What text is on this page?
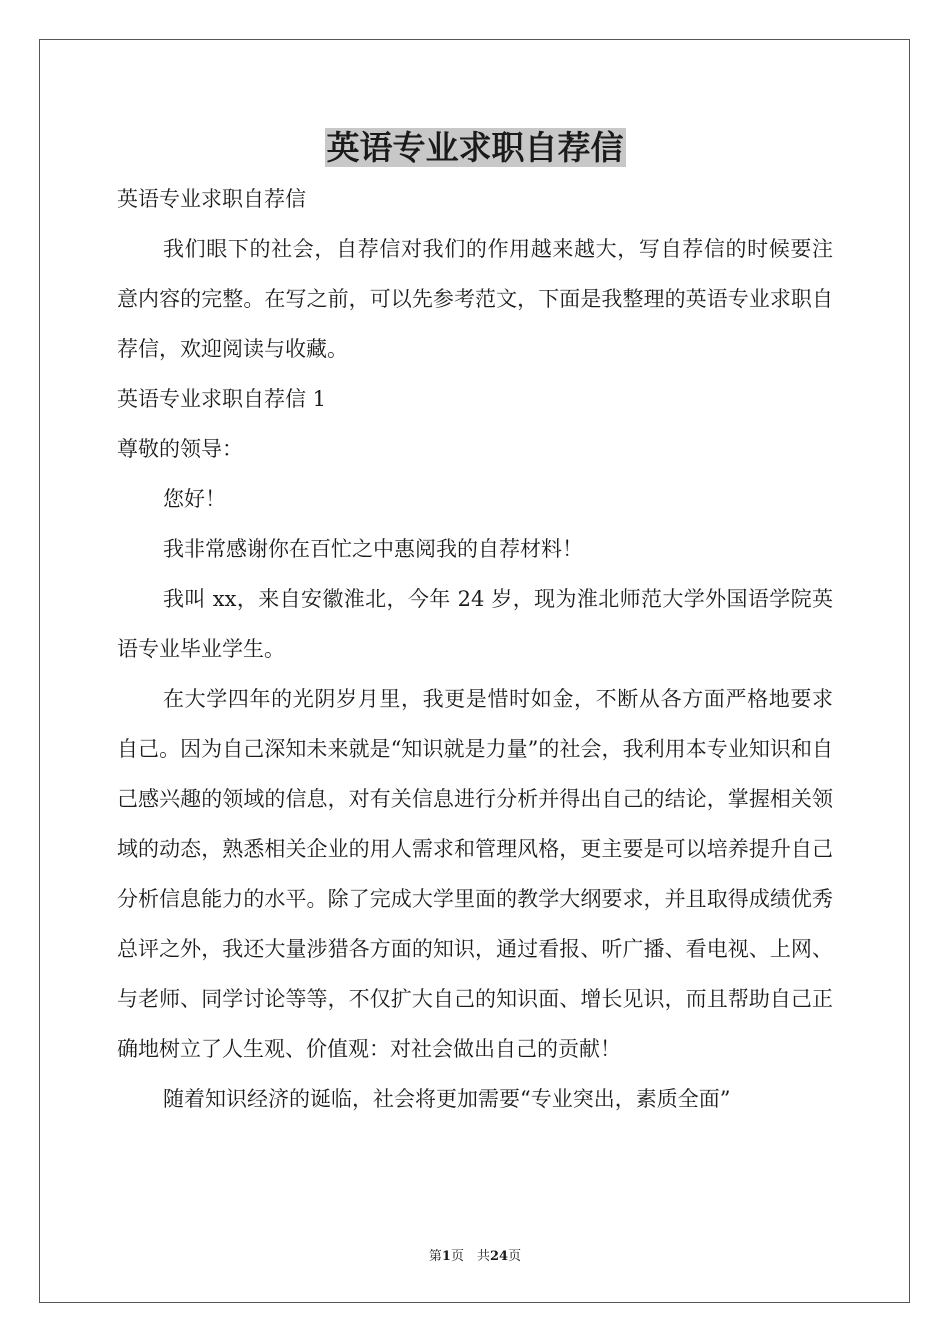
英语专业求职自荐信

英语专业求职自荐信

我们眼下的社会，自荐信对我们的作用越来越大，写自荐信的时候要注意内容的完整。在写之前，可以先参考范文，下面是我整理的英语专业求职自荐信，欢迎阅读与收藏。

英语专业求职自荐信 1

尊敬的领导：

您好！

我非常感谢你在百忙之中惠阅我的自荐材料！

我叫 xx，来自安徽淮北，今年 24 岁，现为淮北师范大学外国语学院英语专业毕业学生。

在大学四年的光阴岁月里，我更是惜时如金，不断从各方面严格地要求自己。因为自己深知未来就是“知识就是力量”的社会，我利用本专业知识和自己感兴趣的领域的信息，对有关信息进行分析并得出自己的结论，掌握相关领域的动态，熟悉相关企业的用人需求和管理风格，更主要是可以培养提升自己分析信息能力的水平。除了完成大学里面的教学大纲要求，并且取得成绩优秀总评之外，我还大量涉猎各方面的知识，通过看报、听广播、看电视、上网、与老师、同学讨论等等，不仅扩大自己的知识面、增长见识，而且帮助自己正确地树立了人生观、价值观：对社会做出自己的贡献！

随着知识经济的诞临，社会将更加需要“专业突出，素质全面”

第1页　共24页
